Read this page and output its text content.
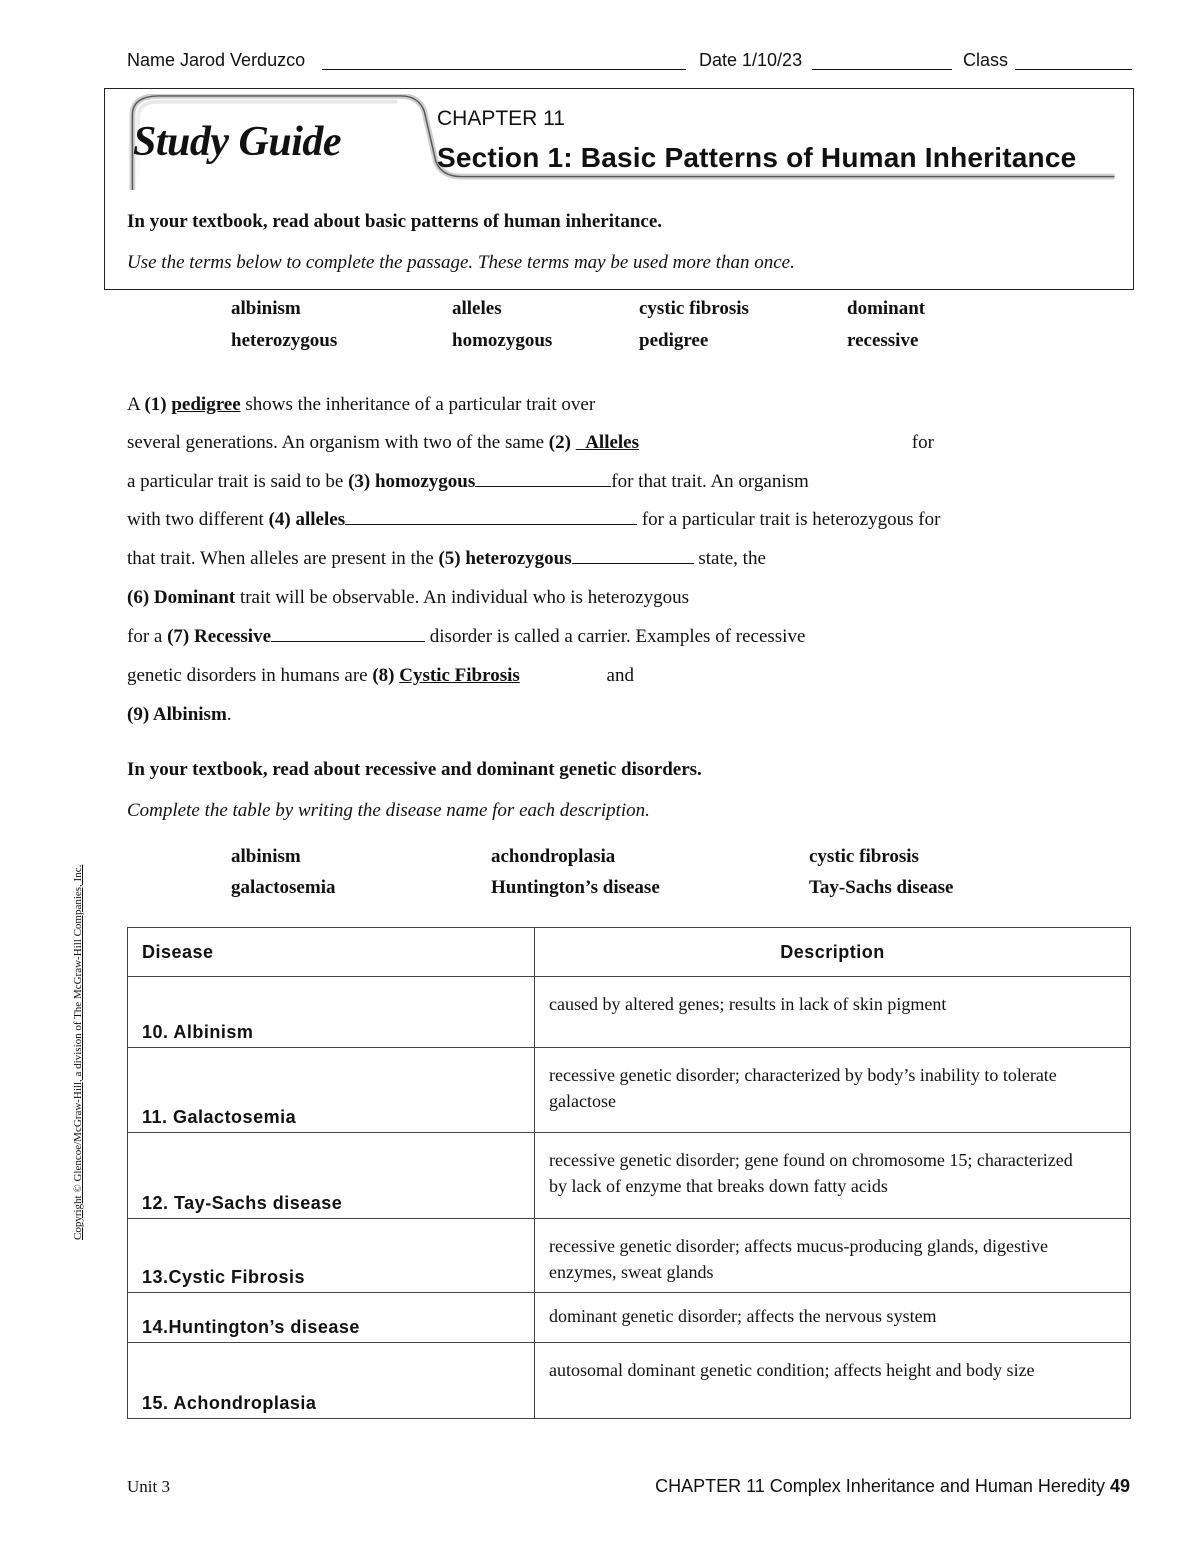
Name Jarod Verduzco	Date 1/10/23	Class
Study Guide
CHAPTER 11
Section 1: Basic Patterns of Human Inheritance
In your textbook, read about basic patterns of human inheritance.
Use the terms below to complete the passage. These terms may be used more than once.
albinism	alleles	cystic fibrosis	dominant
heterozygous	homozygous	pedigree	recessive
A (1) pedigree shows the inheritance of a particular trait over
several generations. An organism with two of the same (2) Alleles	for
a particular trait is said to be (3) homozygous	for that trait. An organism
with two different (4) alleles	for a particular trait is heterozygous for
that trait. When alleles are present in the (5) heterozygous	state, the
(6) Dominant trait will be observable. An individual who is heterozygous
for a (7) Recessive	disorder is called a carrier. Examples of recessive
genetic disorders in humans are (8) Cystic Fibrosis	and
(9) Albinism.
In your textbook, read about recessive and dominant genetic disorders.
Complete the table by writing the disease name for each description.
albinism	achondroplasia	cystic fibrosis
galactosemia	Huntington’s disease	Tay-Sachs disease
Disease	Description
10. Albinism	caused by altered genes; results in lack of skin pigment
11. Galactosemia	recessive genetic disorder; characterized by body’s inability to tolerate galactose
12. Tay-Sachs disease	recessive genetic disorder; gene found on chromosome 15; characterized by lack of enzyme that breaks down fatty acids
13.Cystic Fibrosis	recessive genetic disorder; affects mucus-producing glands, digestive enzymes, sweat glands
14.Huntington’s disease	dominant genetic disorder; affects the nervous system
15. Achondroplasia	autosomal dominant genetic condition; affects height and body size
Copyright © Glencoe/McGraw-Hill, a division of The McGraw-Hill Companies, Inc.
Unit 3	CHAPTER 11 Complex Inheritance and Human Heredity 49
